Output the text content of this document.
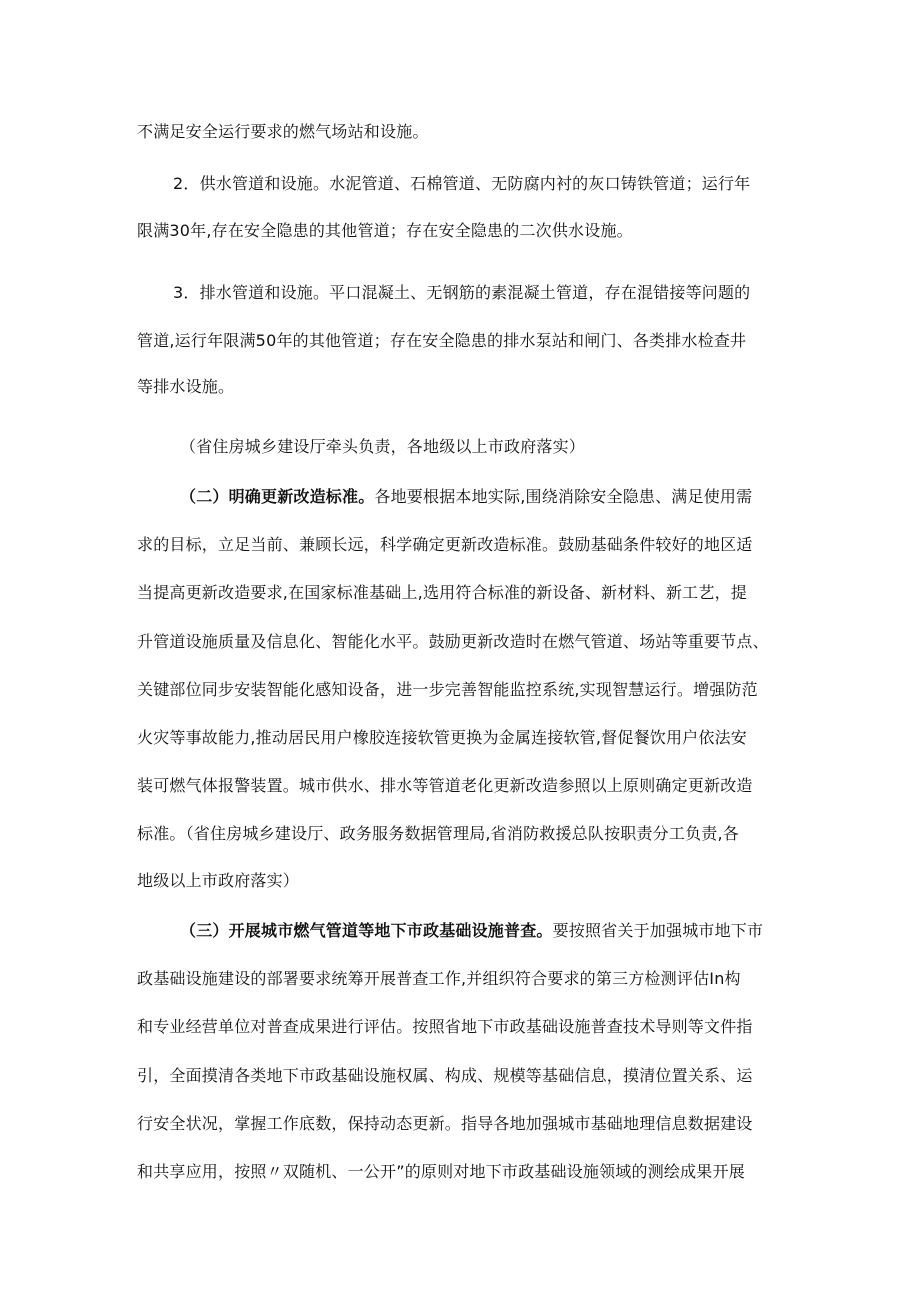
不满足安全运行要求的燃气场站和设施。
2．供水管道和设施。水泥管道、石棉管道、无防腐内衬的灰口铸铁管道；运行年
限满30年,存在安全隐患的其他管道；存在安全隐患的二次供水设施。
3．排水管道和设施。平口混凝土、无钢筋的素混凝土管道，存在混错接等问题的
管道,运行年限满50年的其他管道；存在安全隐患的排水泵站和闸门、各类排水检查井
等排水设施。
（省住房城乡建设厅牵头负责，各地级以上市政府落实）
（二）明确更新改造标准。各地要根据本地实际,围绕消除安全隐患、满足使用需
求的目标，立足当前、兼顾长远，科学确定更新改造标准。鼓励基础条件较好的地区适
当提高更新改造要求,在国家标准基础上,选用符合标准的新设备、新材料、新工艺，提
升管道设施质量及信息化、智能化水平。鼓励更新改造时在燃气管道、场站等重要节点、
关键部位同步安装智能化感知设备，进一步完善智能监控系统,实现智慧运行。增强防范
火灾等事故能力,推动居民用户橡胶连接软管更换为金属连接软管,督促餐饮用户依法安
装可燃气体报警装置。城市供水、排水等管道老化更新改造参照以上原则确定更新改造
标准。（省住房城乡建设厅、政务服务数据管理局,省消防救援总队按职责分工负责,各
地级以上市政府落实）
（三）开展城市燃气管道等地下市政基础设施普查。要按照省关于加强城市地下市
政基础设施建设的部署要求统筹开展普查工作,并组织符合要求的第三方检测评估In构
和专业经营单位对普查成果进行评估。按照省地下市政基础设施普查技术导则等文件指
引，全面摸清各类地下市政基础设施权属、构成、规模等基础信息，摸清位置关系、运
行安全状况，掌握工作底数，保持动态更新。指导各地加强城市基础地理信息数据建设
和共享应用，按照〃双随机、一公开”的原则对地下市政基础设施领域的测绘成果开展
